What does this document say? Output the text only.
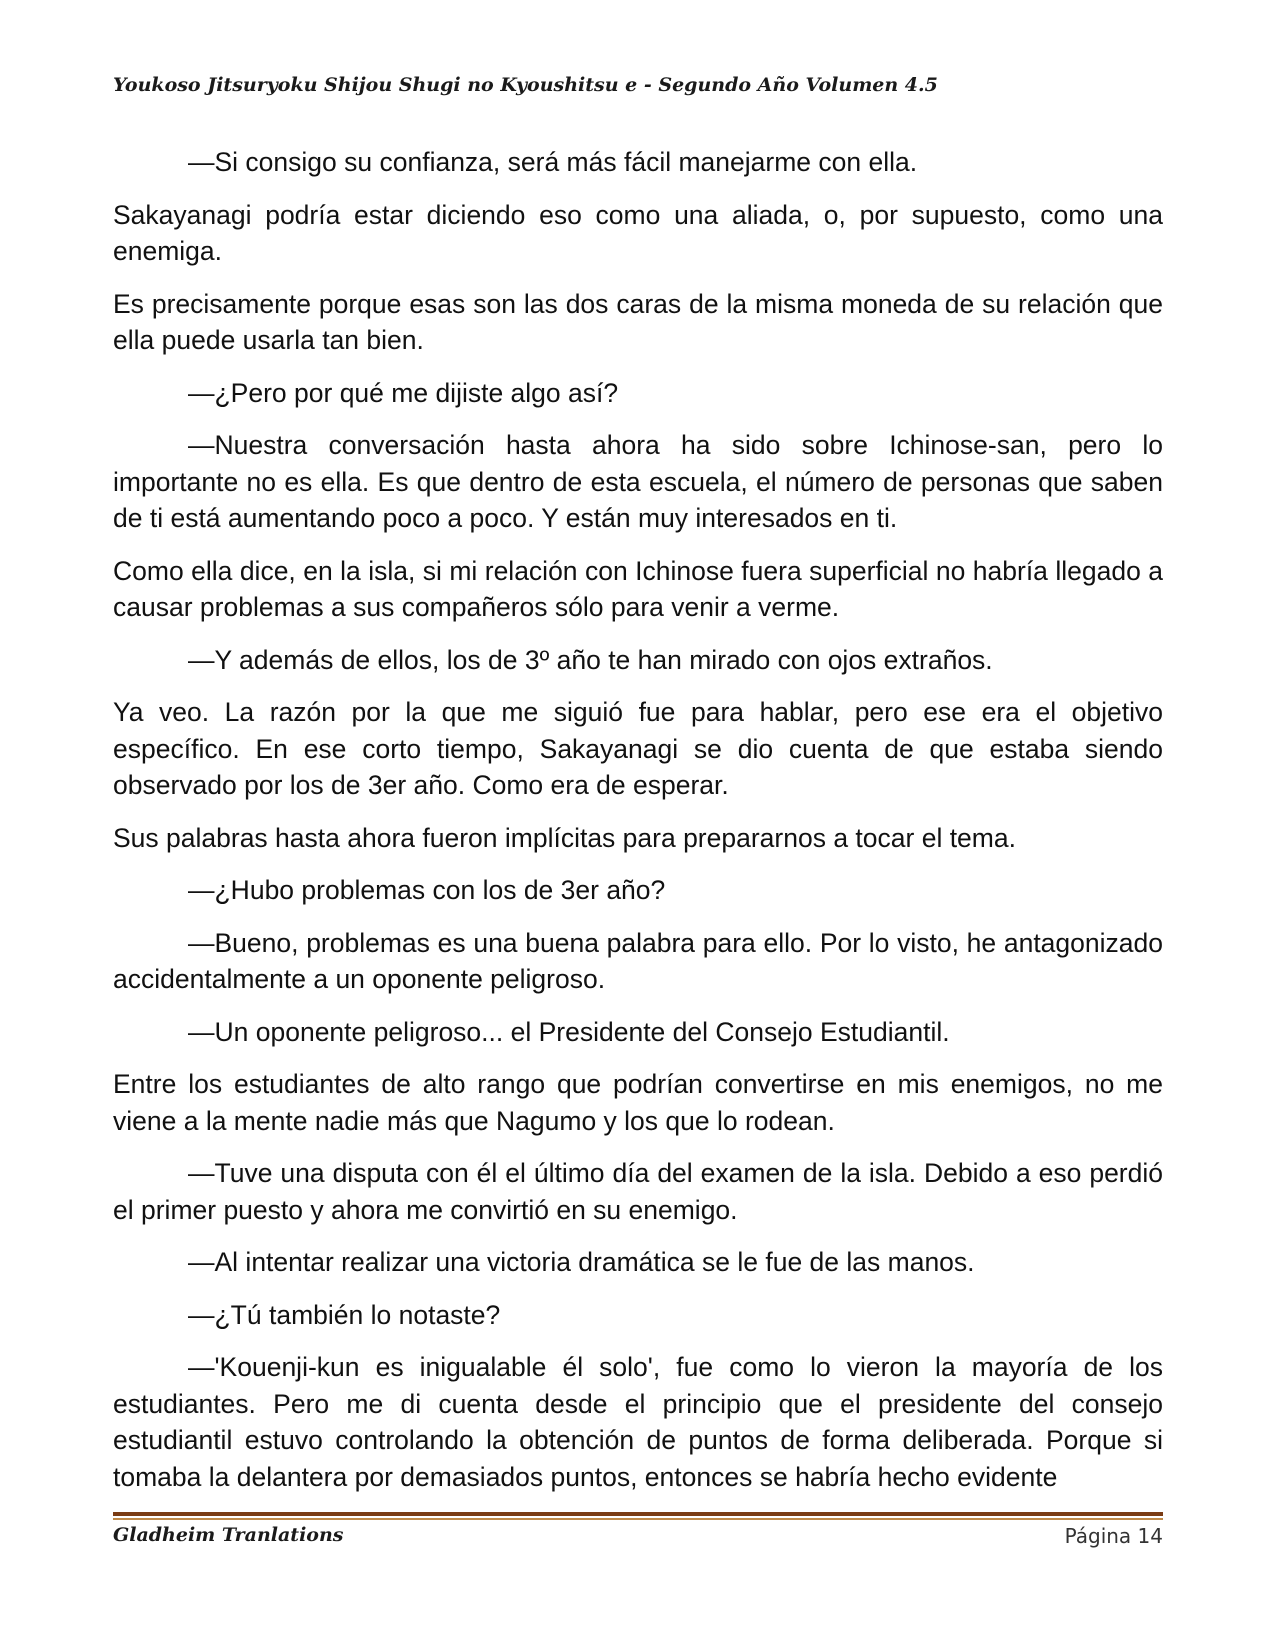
Youkoso Jitsuryoku Shijou Shugi no Kyoushitsu e - Segundo Año Volumen 4.5

—Si consigo su confianza, será más fácil manejarme con ella.

Sakayanagi podría estar diciendo eso como una aliada, o, por supuesto, como una enemiga.

Es precisamente porque esas son las dos caras de la misma moneda de su relación que ella puede usarla tan bien.

—¿Pero por qué me dijiste algo así?

—Nuestra conversación hasta ahora ha sido sobre Ichinose-san, pero lo importante no es ella. Es que dentro de esta escuela, el número de personas que saben de ti está aumentando poco a poco. Y están muy interesados en ti.

Como ella dice, en la isla, si mi relación con Ichinose fuera superficial no habría llegado a causar problemas a sus compañeros sólo para venir a verme.

—Y además de ellos, los de 3º año te han mirado con ojos extraños.

Ya veo. La razón por la que me siguió fue para hablar, pero ese era el objetivo específico. En ese corto tiempo, Sakayanagi se dio cuenta de que estaba siendo observado por los de 3er año. Como era de esperar.

Sus palabras hasta ahora fueron implícitas para prepararnos a tocar el tema.

—¿Hubo problemas con los de 3er año?

—Bueno, problemas es una buena palabra para ello. Por lo visto, he antagonizado accidentalmente a un oponente peligroso.

—Un oponente peligroso... el Presidente del Consejo Estudiantil.

Entre los estudiantes de alto rango que podrían convertirse en mis enemigos, no me viene a la mente nadie más que Nagumo y los que lo rodean.

—Tuve una disputa con él el último día del examen de la isla. Debido a eso perdió el primer puesto y ahora me convirtió en su enemigo.

—Al intentar realizar una victoria dramática se le fue de las manos.

—¿Tú también lo notaste?

—'Kouenji-kun es inigualable él solo', fue como lo vieron la mayoría de los estudiantes. Pero me di cuenta desde el principio que el presidente del consejo estudiantil estuvo controlando la obtención de puntos de forma deliberada. Porque si tomaba la delantera por demasiados puntos, entonces se habría hecho evidente

Gladheim Tranlations	Página 14
